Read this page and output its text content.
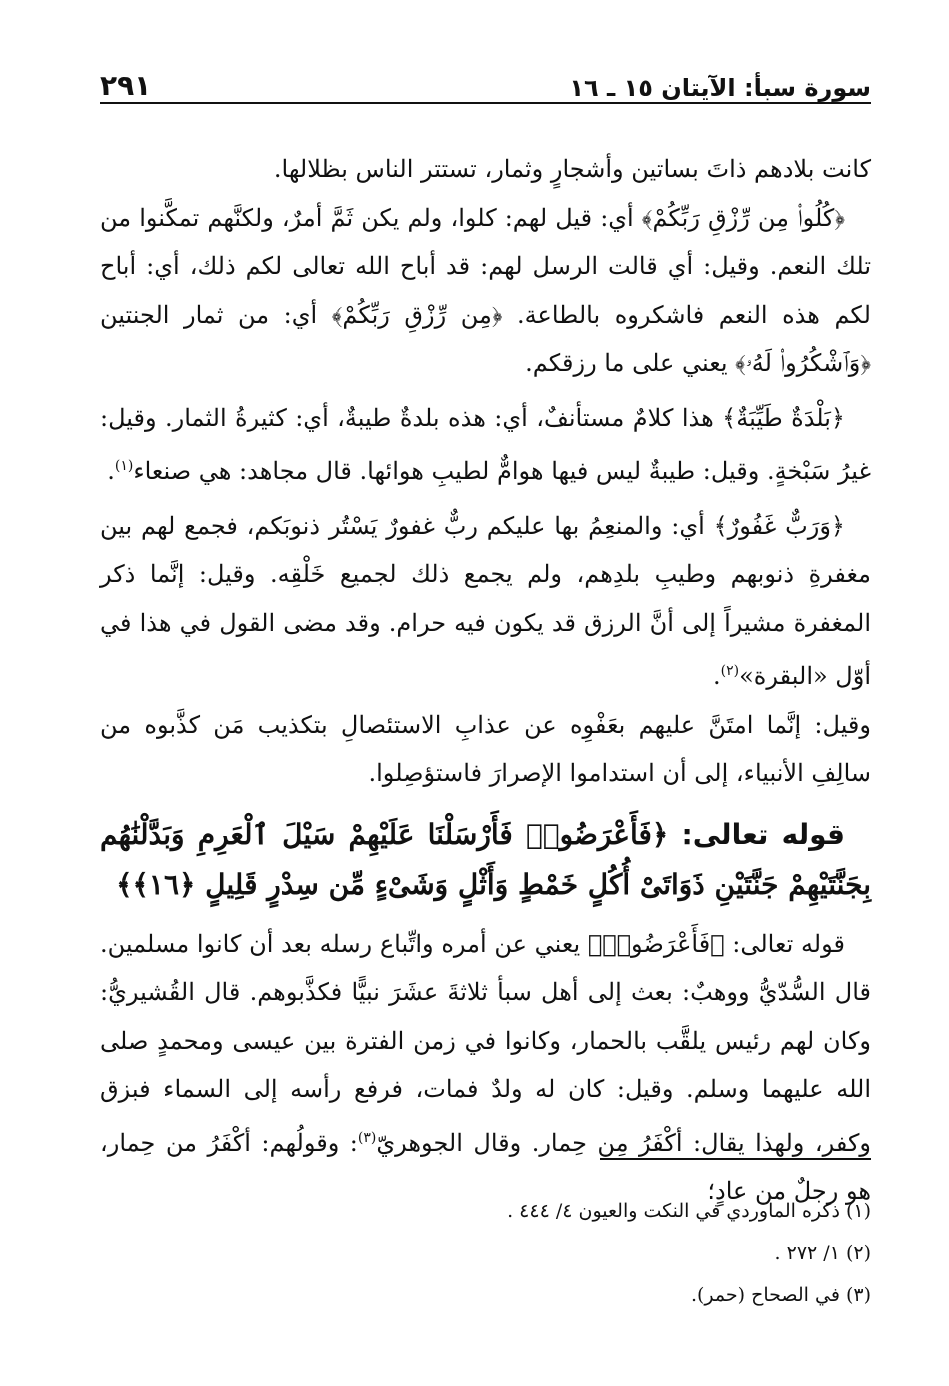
سورة سبأ: الآيتان ١٥ ـ ١٦
٢٩١

كانت بلادهم ذاتَ بساتين وأشجارٍ وثمار، تستتر الناس بظلالها.

﴿كُلُوا۟ مِن رِّزْقِ رَبِّكُمْ﴾ أي: قيل لهم: كلوا، ولم يكن ثَمَّ أمرٌ، ولكنَّهم تمكَّنوا من تلك النعم. وقيل: أي قالت الرسل لهم: قد أباح الله تعالى لكم ذلك، أي: أباح لكم هذه النعم فاشكروه بالطاعة. ﴿مِن رِّزْقِ رَبِّكُمْ﴾ أي: من ثمار الجنتين ﴿وَٱشْكُرُوا۟ لَهُۥ﴾ يعني على ما رزقكم.

﴿بَلْدَةٌ طَيِّبَةٌ﴾ هذا كلامٌ مستأنفٌ، أي: هذه بلدةٌ طيبةٌ، أي: كثيرةُ الثمار. وقيل: غيرُ سَبْخةٍ. وقيل: طيبةٌ ليس فيها هوامٌّ لطيبِ هوائها. قال مجاهد: هي صنعاء$^{(١)}$.

﴿وَرَبٌّ غَفُورٌ﴾ أي: والمنعِمُ بها عليكم ربٌّ غفورٌ يَسْتُر ذنوبَكم، فجمع لهم بين مغفرةِ ذنوبهم وطيبِ بلدِهم، ولم يجمع ذلك لجميع خَلْقِه. وقيل: إنَّما ذكر المغفرة مشيراً إلى أنَّ الرزق قد يكون فيه حرام. وقد مضى القول في هذا في أوّل «البقرة»$^{(٢)}$.

وقيل: إنَّما امتَنَّ عليهم بعَفْوِه عن عذابِ الاستئصالِ بتكذيب مَن كذَّبوه من سالِفِ الأنبياء، إلى أن استداموا الإصرارَ فاستؤصِلوا.

قوله تعالى: ﴿فَأَعْرَضُوا۟ فَأَرْسَلْنَا عَلَيْهِمْ سَيْلَ ٱلْعَرِمِ وَبَدَّلْنَٰهُم بِجَنَّتَيْهِمْ جَنَّتَيْنِ ذَوَاتَىْ أُكُلٍ خَمْطٍ وَأَثْلٍ وَشَىْءٍ مِّن سِدْرٍ قَلِيلٍ ﴿١٦﴾﴾

قوله تعالى: ﴿فَأَعْرَضُوا۟﴾ يعني عن أمره واتِّباع رسله بعد أن كانوا مسلمين. قال السُّدّيُّ ووهبٌ: بعث إلى أهل سبأ ثلاثةَ عشَرَ نبيًّا فكذَّبوهم. قال القُشيريُّ: وكان لهم رئيس يلقَّب بالحمار، وكانوا في زمن الفترة بين عيسى ومحمدٍ صلى الله عليهما وسلم. وقيل: كان له ولدٌ فمات، فرفع رأسه إلى السماء فبزق وكفر، ولهذا يقال: أكْفَرُ مِن حِمار. وقال الجوهريّ$^{(٣)}$: وقولُهم: أكْفَرُ من حِمار، هو رجلٌ من عادٍ؛

(١) ذكره الماوردي في النكت والعيون ٤/ ٤٤٤ .
(٢) ١/ ٢٧٢ .
(٣) في الصحاح (حمر).
